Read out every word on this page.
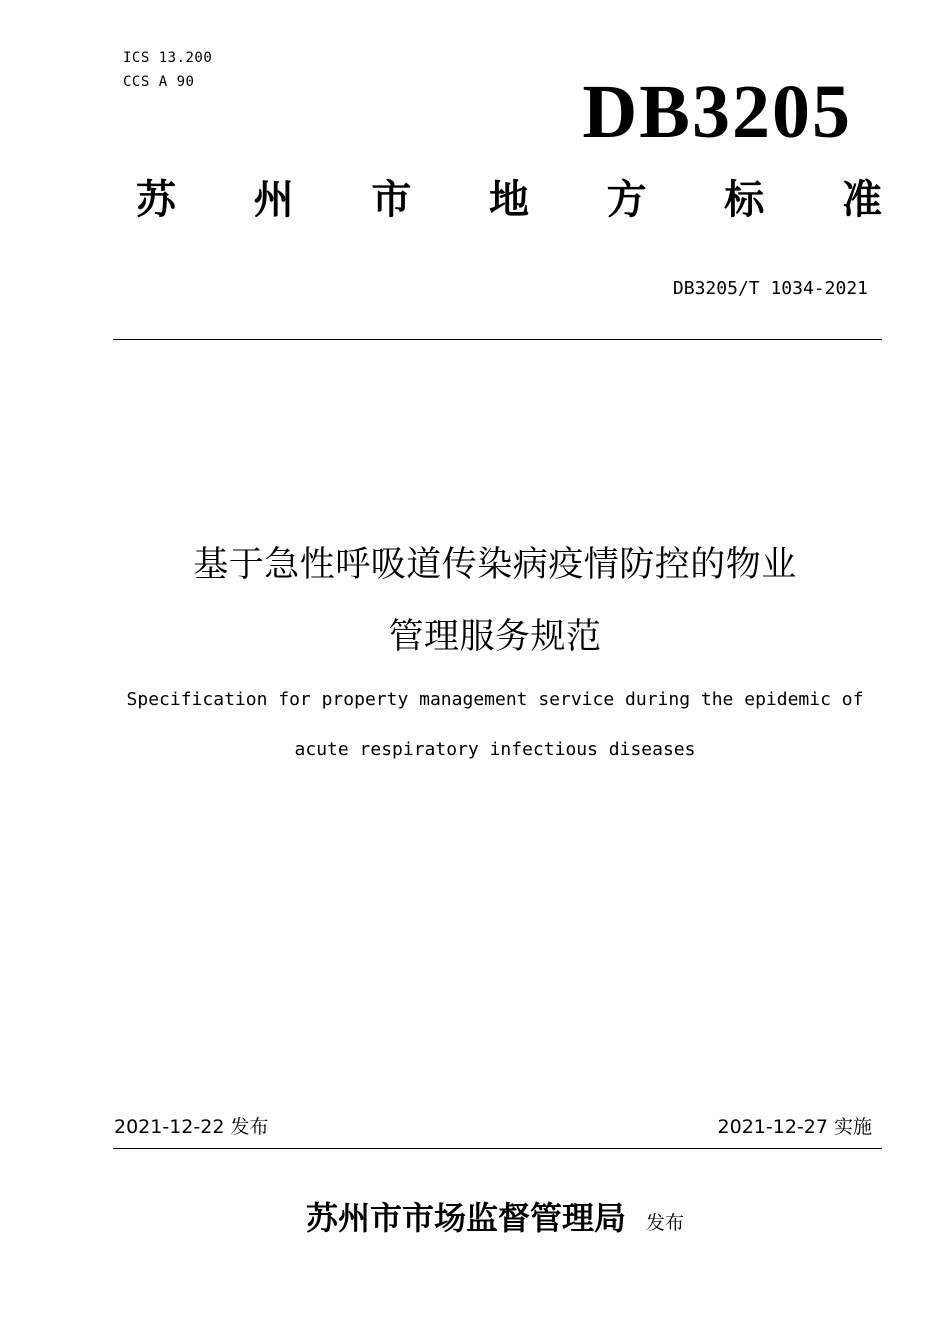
ICS 13.200
CCS A 90	DB3205
苏 州 市 地 方 标 准
DB3205/T 1034-2021
基于急性呼吸道传染病疫情防控的物业
管理服务规范
Specification for property management service during the epidemic of
acute respiratory infectious diseases
2021-12-22 发布	2021-12-27 实施
苏州市市场监督管理局 发布
